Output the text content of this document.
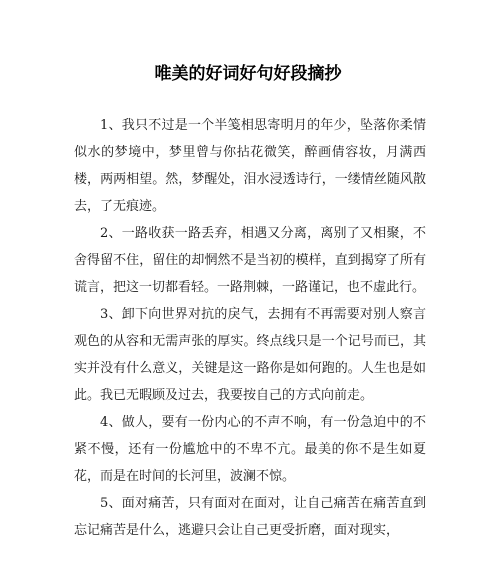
唯美的好词好句好段摘抄

1、我只不过是一个半笺相思寄明月的年少，坠落你柔情似水的梦境中，梦里曾与你拈花微笑，醉画倩容妆，月满西楼，两两相望。然，梦醒处，泪水浸透诗行，一缕情丝随风散去，了无痕迹。

2、一路收获一路丢弃，相遇又分离，离别了又相聚，不舍得留不住，留住的却惘然不是当初的模样，直到揭穿了所有谎言，把这一切都看轻。一路荆棘，一路谨记，也不虚此行。

3、卸下向世界对抗的戾气，去拥有不再需要对别人察言观色的从容和无需声张的厚实。终点线只是一个记号而已，其实并没有什么意义，关键是这一路你是如何跑的。人生也是如此。我已无暇顾及过去，我要按自己的方式向前走。

4、做人，要有一份内心的不声不响，有一份急迫中的不紧不慢，还有一份尴尬中的不卑不亢。最美的你不是生如夏花，而是在时间的长河里，波澜不惊。

5、面对痛苦，只有面对在面对，让自己痛苦在痛苦直到忘记痛苦是什么，逃避只会让自己更受折磨，面对现实，
